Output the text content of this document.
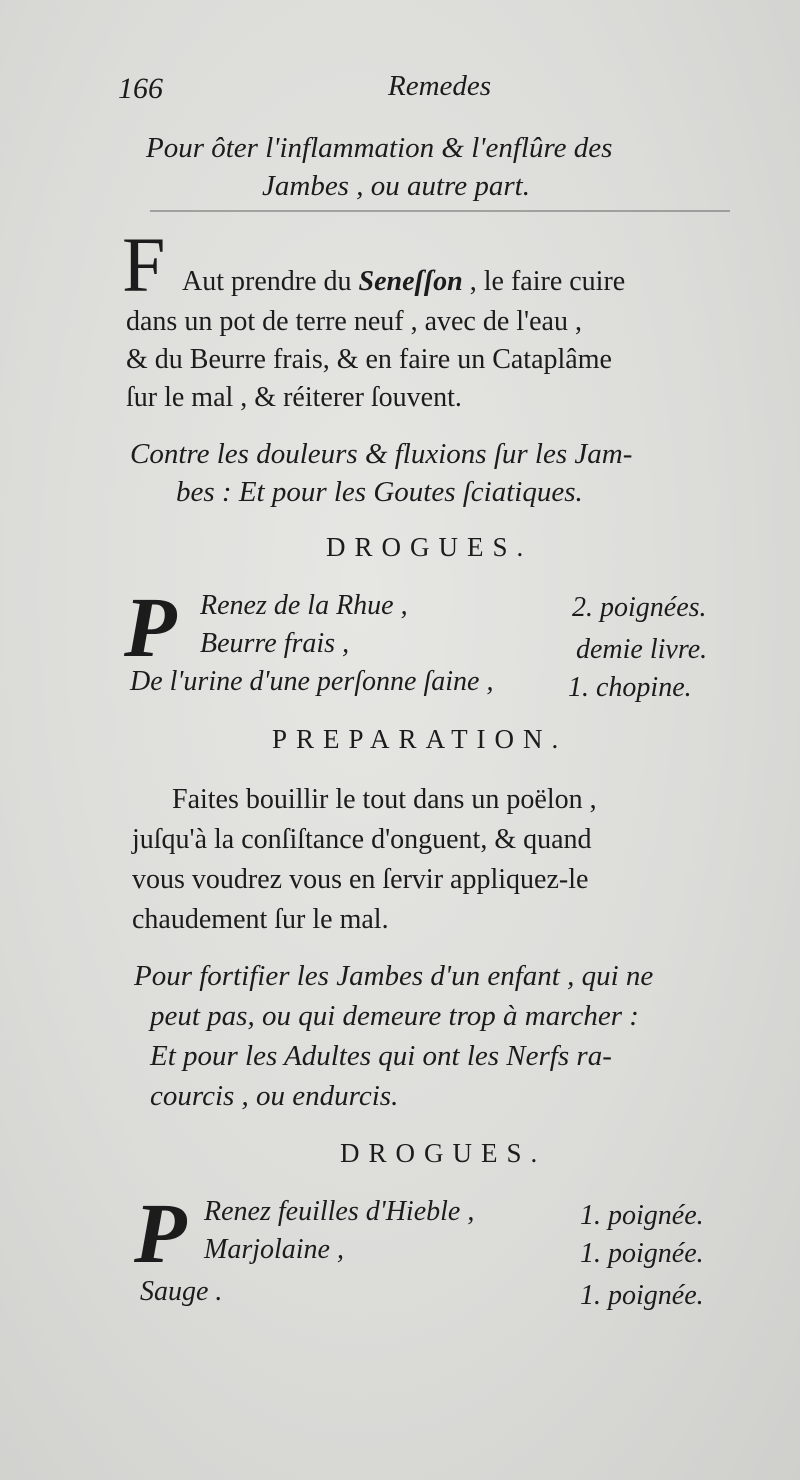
166	Remedes
Pour ôter l'inflammation & l'enflûre des
Jambes , ou autre part.
F Aut prendre du Seneſſon , le faire cuire
dans un pot de terre neuf , avec de l'eau ,
& du Beurre frais, & en faire un Cataplâme
ſur le mal , & réiterer ſouvent.
Contre les douleurs & fluxions ſur les Jam-
bes : Et pour les Goutes ſciatiques.
DROGUES.
P Renez de la Rhue ,	2. poignées.
Beurre frais ,	demie livre.
De l'urine d'une perſonne ſaine ,	1. chopine.
PREPARATION.
Faites bouillir le tout dans un poëlon ,
juſqu'à la conſiſtance d'onguent, & quand
vous voudrez vous en ſervir appliquez-le
chaudement ſur le mal.
Pour fortifier les Jambes d'un enfant , qui ne
peut pas, ou qui demeure trop à marcher :
Et pour les Adultes qui ont les Nerfs ra-
courcis , ou endurcis.
DROGUES.
P Renez feuilles d'Hieble ,	1. poignée.
Marjolaine ,	1. poignée.
Sauge .	1. poignée.
